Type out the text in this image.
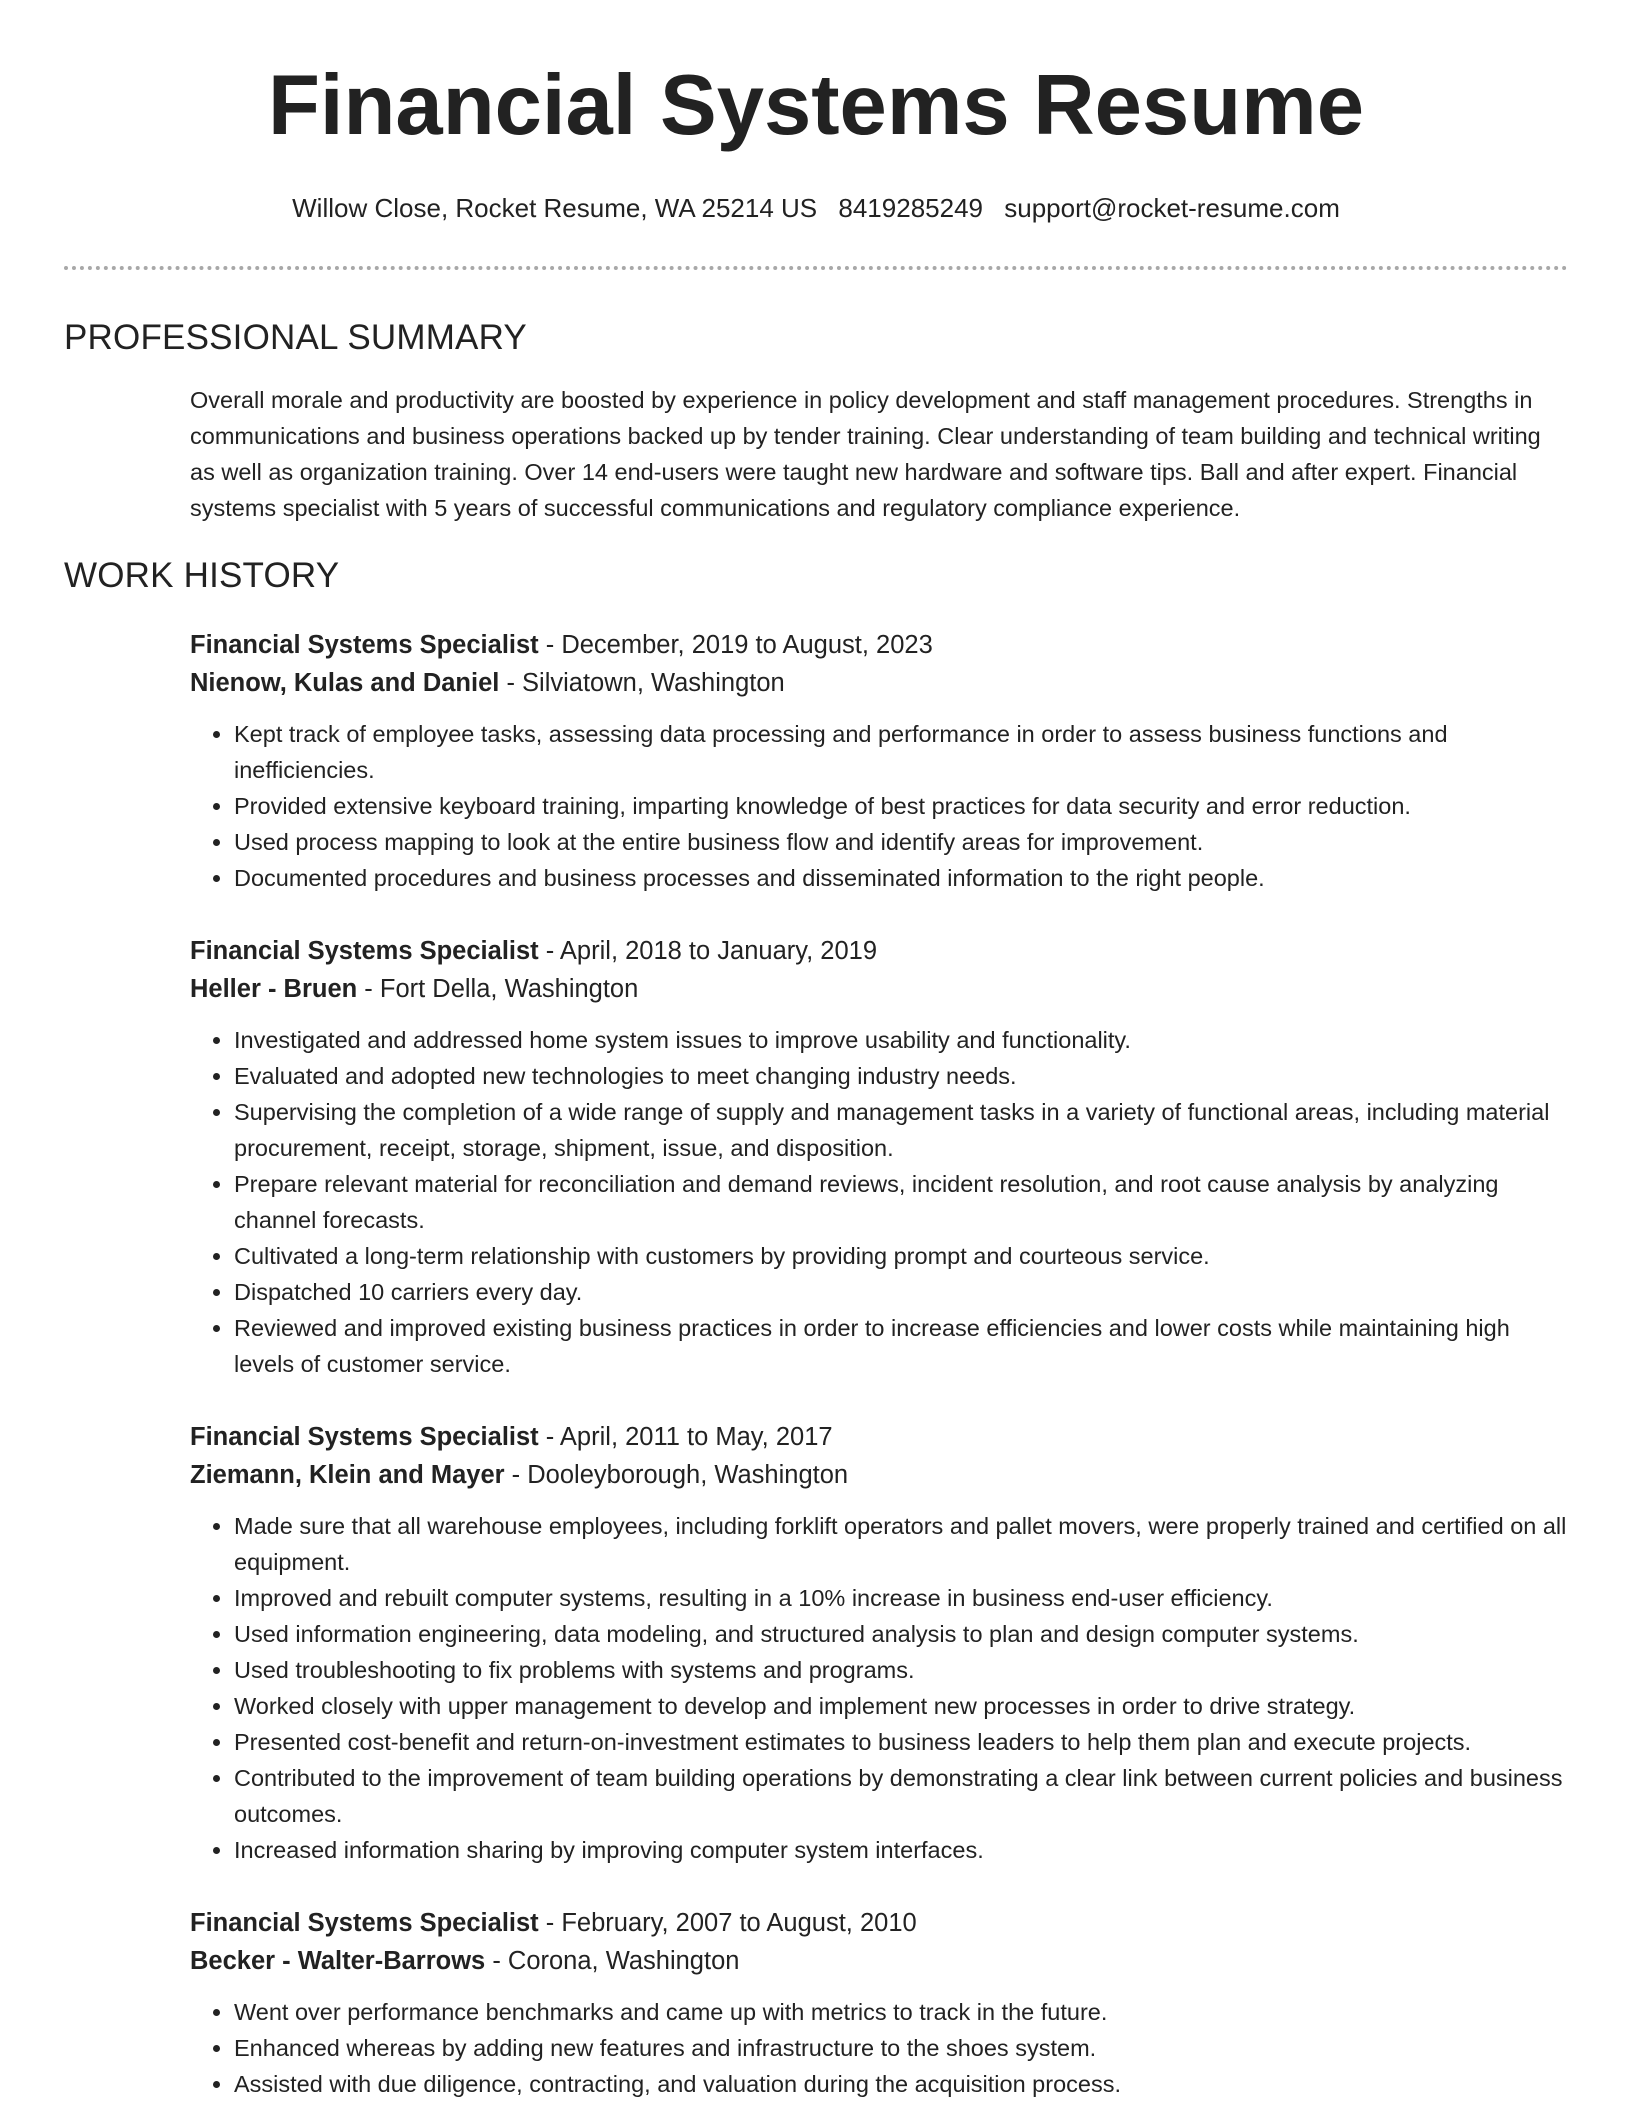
Financial Systems Resume
Willow Close, Rocket Resume, WA 25214 US 8419285249 support@rocket-resume.com
PROFESSIONAL SUMMARY

Overall morale and productivity are boosted by experience in policy development and staff management procedures. Strengths in communications and business operations backed up by tender training. Clear understanding of team building and technical writing as well as organization training. Over 14 end-users were taught new hardware and software tips. Ball and after expert. Financial systems specialist with 5 years of successful communications and regulatory compliance experience.

WORK HISTORY
Financial Systems Specialist - December, 2019 to August, 2023
Nienow, Kulas and Daniel - Silviatown, Washington
• Kept track of employee tasks, assessing data processing and performance in order to assess business functions and inefficiencies.
• Provided extensive keyboard training, imparting knowledge of best practices for data security and error reduction.
• Used process mapping to look at the entire business flow and identify areas for improvement.
• Documented procedures and business processes and disseminated information to the right people.
Financial Systems Specialist - April, 2018 to January, 2019
Heller - Bruen - Fort Della, Washington
• Investigated and addressed home system issues to improve usability and functionality.
• Evaluated and adopted new technologies to meet changing industry needs.
• Supervising the completion of a wide range of supply and management tasks in a variety of functional areas, including material procurement, receipt, storage, shipment, issue, and disposition.
• Prepare relevant material for reconciliation and demand reviews, incident resolution, and root cause analysis by analyzing channel forecasts.
• Cultivated a long-term relationship with customers by providing prompt and courteous service.
• Dispatched 10 carriers every day.
• Reviewed and improved existing business practices in order to increase efficiencies and lower costs while maintaining high levels of customer service.
Financial Systems Specialist - April, 2011 to May, 2017
Ziemann, Klein and Mayer - Dooleyborough, Washington
• Made sure that all warehouse employees, including forklift operators and pallet movers, were properly trained and certified on all equipment.
• Improved and rebuilt computer systems, resulting in a 10% increase in business end-user efficiency.
• Used information engineering, data modeling, and structured analysis to plan and design computer systems.
• Used troubleshooting to fix problems with systems and programs.
• Worked closely with upper management to develop and implement new processes in order to drive strategy.
• Presented cost-benefit and return-on-investment estimates to business leaders to help them plan and execute projects.
• Contributed to the improvement of team building operations by demonstrating a clear link between current policies and business outcomes.
• Increased information sharing by improving computer system interfaces.
Financial Systems Specialist - February, 2007 to August, 2010
Becker - Walter-Barrows - Corona, Washington
• Went over performance benchmarks and came up with metrics to track in the future.
• Enhanced whereas by adding new features and infrastructure to the shoes system.
• Assisted with due diligence, contracting, and valuation during the acquisition process.
